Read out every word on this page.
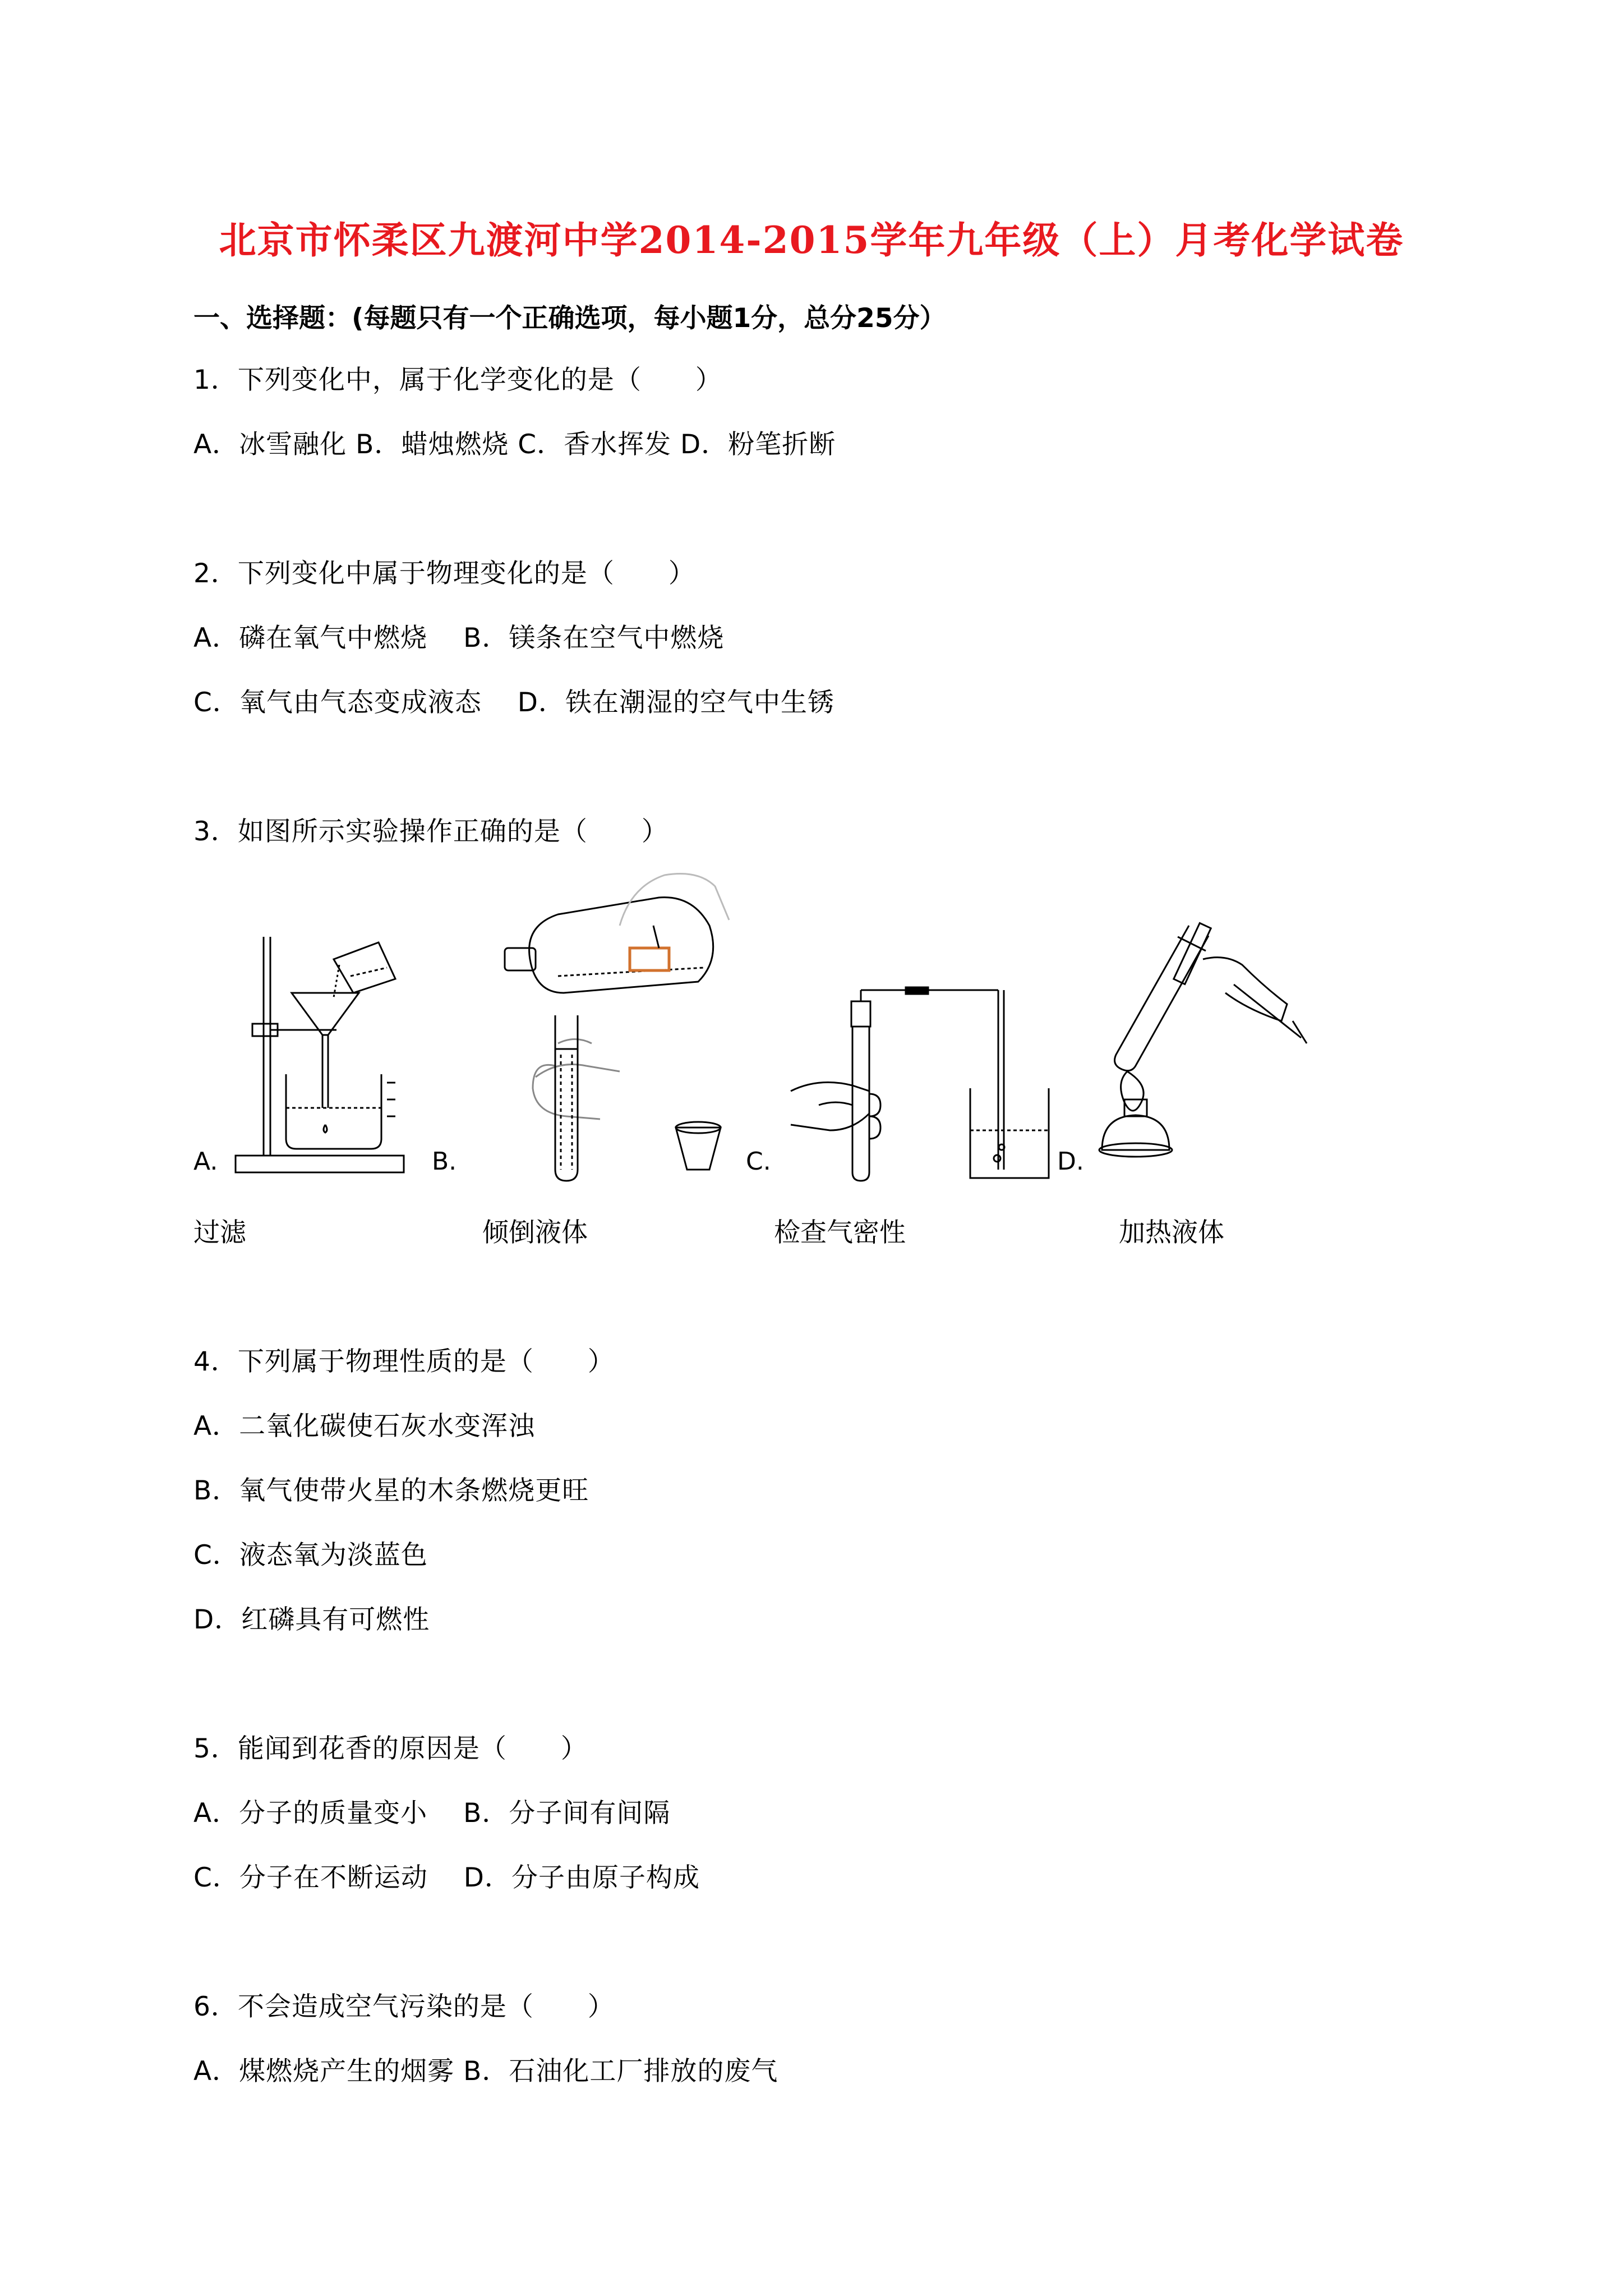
北京市怀柔区九渡河中学2014-2015学年九年级（上）月考化学试卷
一、选择题：(每题只有一个正确选项，每小题1分，总分25分）
1．下列变化中，属于化学变化的是（　　）
A．冰雪融化 B．蜡烛燃烧 C．香水挥发 D．粉笔折断
2．下列变化中属于物理变化的是（　　）
A．磷在氧气中燃烧　 B．镁条在空气中燃烧
C．氧气由气态变成液态　 D．铁在潮湿的空气中生锈
3．如图所示实验操作正确的是（　　）
A.
过滤
B.
倾倒液体
C.
检查气密性
D.
加热液体
4．下列属于物理性质的是（　　）
A．二氧化碳使石灰水变浑浊
B．氧气使带火星的木条燃烧更旺
C．液态氧为淡蓝色
D．红磷具有可燃性
5．能闻到花香的原因是（　　）
A．分子的质量变小　 B．分子间有间隔
C．分子在不断运动　 D．分子由原子构成
6．不会造成空气污染的是（　　）
A．煤燃烧产生的烟雾 B．石油化工厂排放的废气
